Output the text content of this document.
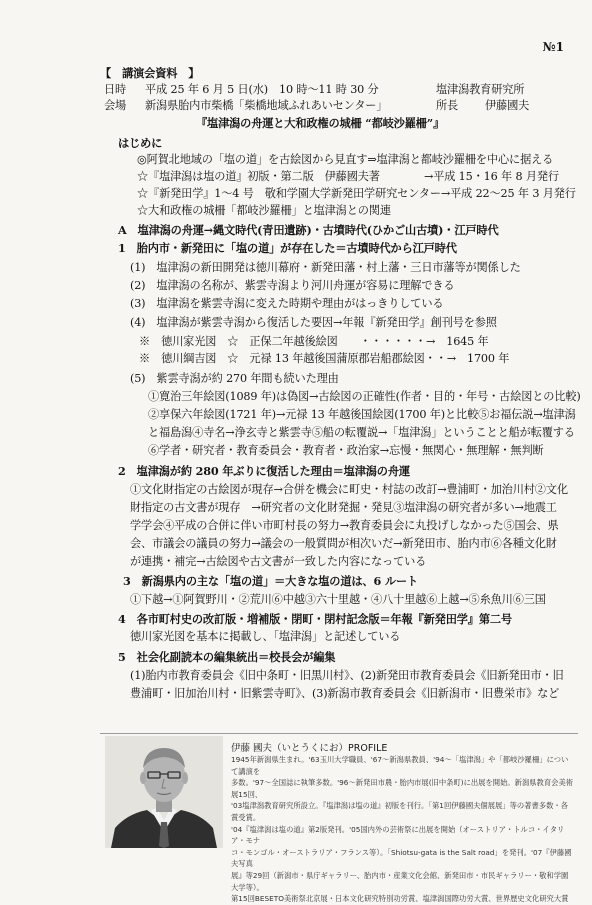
№1
【　講演会資料　】
日時 平成 25 年 6 月 5 日(水)　10 時～11 時 30 分	塩津潟教育研究所
会場 新潟県胎内市柴橋「柴橋地域ふれあいセンター」	所長 伊藤國夫
『塩津潟の舟運と大和政権の城柵 “都岐沙羅柵”』
はじめに
◎阿賀北地域の「塩の道」を古絵図から見直す⇒塩津潟と都岐沙羅柵を中心に据える
☆『塩津潟は塩の道』初版・第二版　伊藤國夫著　　　　→平成 15・16 年 8 月発行
☆『新発田学』1～4 号　敬和学園大学新発田学研究センター→平成 22～25 年 3 月発行
☆大和政権の城柵「都岐沙羅柵」と塩津潟との関連
A　塩津潟の舟運→縄文時代(青田遺跡)・古墳時代(ひかご山古墳)・江戸時代
1　胎内市・新発田に「塩の道」が存在した＝古墳時代から江戸時代
(1)　塩津潟の新田開発は徳川幕府・新発田藩・村上藩・三日市藩等が関係した
(2)　塩津潟の名称が、紫雲寺潟より河川舟運が容易に理解できる
(3)　塩津潟を紫雲寺潟に変えた時期や理由がはっきりしている
(4)　塩津潟が紫雲寺潟から復活した要因→年報『新発田学』創刊号を参照
※　徳川家光図　☆　正保二年越後絵図　　・・・・・・→　1645 年
※　徳川綱吉図　☆　元禄 13 年越後国蒲原郡岩船郡絵図・・→　1700 年
(5)　紫雲寺潟が約 270 年間も続いた理由
①寛治三年絵図(1089 年)は偽図→古絵図の正確性(作者・目的・年号・古絵図との比較)
②享保六年絵図(1721 年)→元禄 13 年越後国絵図(1700 年)と比較⑤お福伝説→塩津潟
と福島潟④寺名→浄玄寺と紫雲寺⑤船の転覆説→「塩津潟」ということと船が転覆する
⑥学者・研究者・教育委員会・教育者・政治家→忘慢・無関心・無理解・無判断
2　塩津潟が約 280 年ぶりに復活した理由＝塩津潟の舟運
①文化財指定の古絵図が現存→合併を機会に町史・村誌の改訂→豊浦町・加治川村②文化
財指定の古文書が現存　→研究者の文化財発掘・発見③塩津潟の研究者が多い→地震工
学学会④平成の合併に伴い市町村長の努力→教育委員会に丸投げしなかった⑤国会、県
会、市議会の議員の努力→議会の一般質問が相次いだ→新発田市、胎内市⑥各種文化財
が連携・補完→古絵図や古文書が一致した内容になっている
3　新潟県内の主な「塩の道」＝大きな塩の道は、6 ルート
①下越→①阿賀野川・②荒川⑥中越③六十里越・④八十里越⑥上越→⑤糸魚川⑥三国
4　各市町村史の改訂版・増補版・閉町・閉村記念版＝年報『新発田学』第二号
徳川家光図を基本に掲載し、「塩津潟」と記述している
5　社会化副読本の編集統出＝校長会が編集
(1)胎内市教育委員会《旧中条町・旧黒川村》、(2)新発田市教育委員会《旧新発田市・旧
豊浦町・旧加治川村・旧紫雲寺町》、(3)新潟市教育委員会《旧新潟市・旧豊栄市》など
伊藤 國夫（いとうくにお）PROFILE
1945年新潟県生まれ。'63玉川大学職員、'67～新潟県教員、'94～「塩津潟」や「都岐沙羅柵」について講演を
多数。'97～全国誌に執筆多数。'96～新発田市農・胎内市展(旧中条町)に出展を開始。新潟県教育会美術展15回、
'03塩津潟教育研究所設立。『塩津潟は塩の道』初版を刊行。「第1回伊藤國夫個展展」等の著書多数・各賞受賞。
'04『塩津潟は塩の道』第2版発刊。'05国内外の芸術祭に出展を開始（オーストリア・トルコ・イタリア・モナ
コ・モンゴル・オーストラリア・フランス等）。「Shiotsu-gata is the Salt road」を発刊。'07『伊藤國夫写真
展』等29回（新潟市・県庁ギャラリー、胎内市・産業文化会館、新発田市・市民ギャラリー・敬和学園大学等）。
第15回BESETO美術祭北京展・日本文化研究特別功労賞、塩津潟国際功労大賞、世界歴史文化研究大賞
